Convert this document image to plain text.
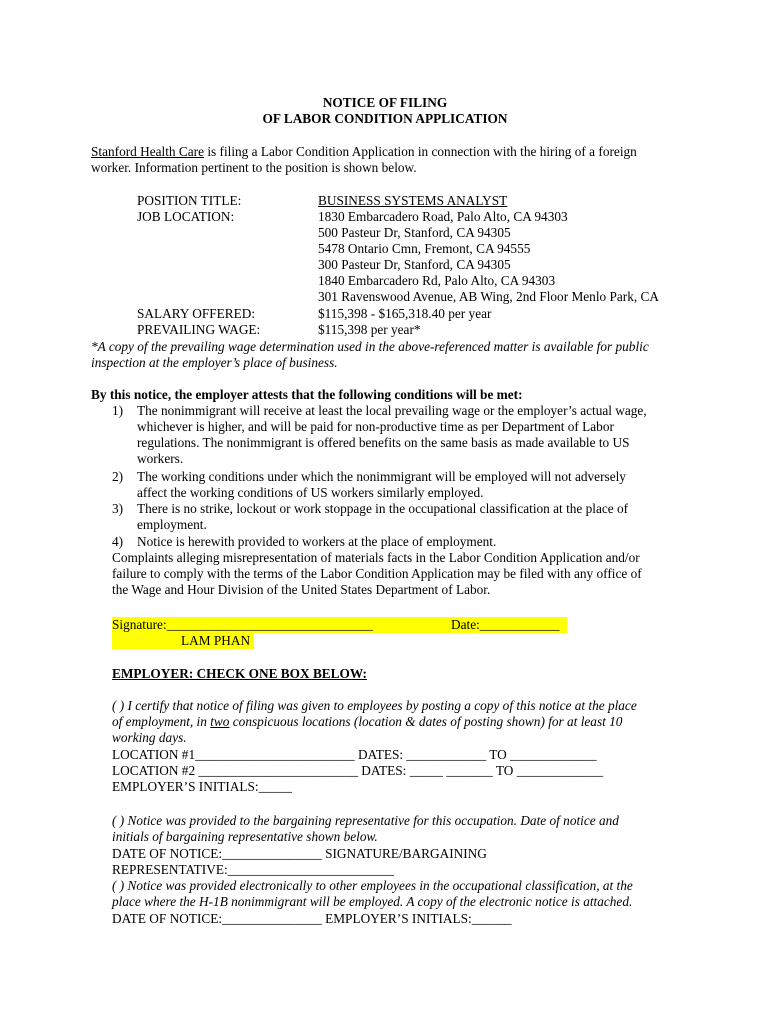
NOTICE OF FILING
OF LABOR CONDITION APPLICATION
Stanford Health Care is filing a Labor Condition Application in connection with the hiring of a foreign
worker. Information pertinent to the position is shown below.
POSITION TITLE:	BUSINESS SYSTEMS ANALYST
JOB LOCATION:	1830 Embarcadero Road, Palo Alto, CA 94303
500 Pasteur Dr, Stanford, CA 94305
5478 Ontario Cmn, Fremont, CA 94555
300 Pasteur Dr, Stanford, CA 94305
1840 Embarcadero Rd, Palo Alto, CA 94303
301 Ravenswood Avenue, AB Wing, 2nd Floor Menlo Park, CA
SALARY OFFERED:	$115,398 - $165,318.40 per year
PREVAILING WAGE:	$115,398 per year*
*A copy of the prevailing wage determination used in the above-referenced matter is available for public
inspection at the employer’s place of business.
By this notice, the employer attests that the following conditions will be met:
1) The nonimmigrant will receive at least the local prevailing wage or the employer’s actual wage,
whichever is higher, and will be paid for non-productive time as per Department of Labor
regulations. The nonimmigrant is offered benefits on the same basis as made available to US
workers.
2) The working conditions under which the nonimmigrant will be employed will not adversely
affect the working conditions of US workers similarly employed.
3) There is no strike, lockout or work stoppage in the occupational classification at the place of
employment.
4) Notice is herewith provided to workers at the place of employment.
Complaints alleging misrepresentation of materials facts in the Labor Condition Application and/or
failure to comply with the terms of the Labor Condition Application may be filed with any office of
the Wage and Hour Division of the United States Department of Labor.
Signature:_______________________________	Date:____________
LAM PHAN
EMPLOYER: CHECK ONE BOX BELOW:
( ) I certify that notice of filing was given to employees by posting a copy of this notice at the place
of employment, in two conspicuous locations (location & dates of posting shown) for at least 10
working days.
LOCATION #1________________________ DATES: ____________ TO _____________
LOCATION #2 ________________________ DATES: _____ _______ TO _____________
EMPLOYER’S INITIALS:_____
( ) Notice was provided to the bargaining representative for this occupation. Date of notice and
initials of bargaining representative shown below.
DATE OF NOTICE:_______________ SIGNATURE/BARGAINING
REPRESENTATIVE:_________________________
( ) Notice was provided electronically to other employees in the occupational classification, at the
place where the H-1B nonimmigrant will be employed. A copy of the electronic notice is attached.
DATE OF NOTICE:_______________ EMPLOYER’S INITIALS:______
